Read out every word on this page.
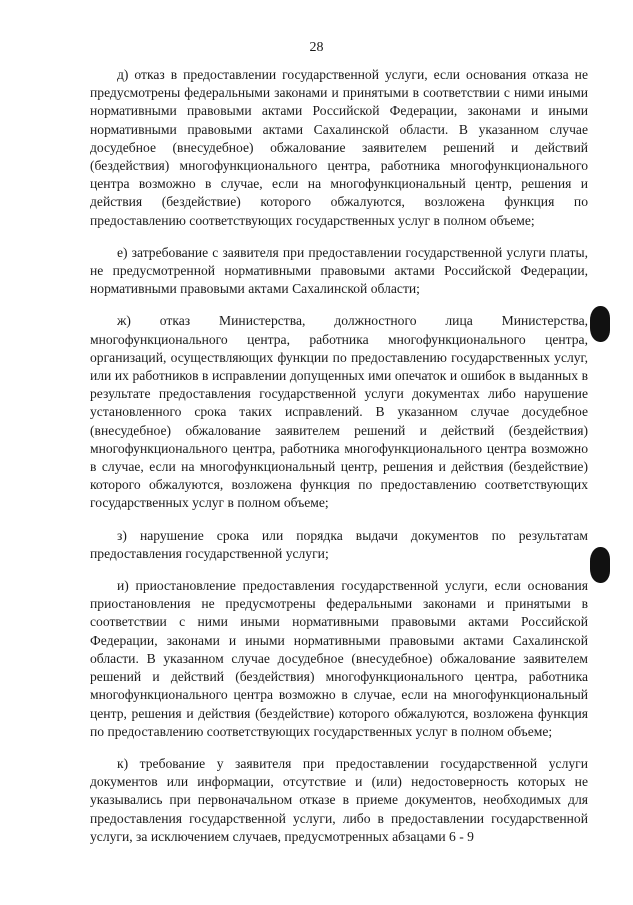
28

д) отказ в предоставлении государственной услуги, если основания отказа не предусмотрены федеральными законами и принятыми в соответствии с ними иными нормативными правовыми актами Российской Федерации, законами и иными нормативными правовыми актами Сахалинской области. В указанном случае досудебное (внесудебное) обжалование заявителем решений и действий (бездействия) многофункционального центра, работника многофункционального центра возможно в случае, если на многофункциональный центр, решения и действия (бездействие) которого обжалуются, возложена функция по предоставлению соответствующих государственных услуг в полном объеме;

е) затребование с заявителя при предоставлении государственной услуги платы, не предусмотренной нормативными правовыми актами Российской Федерации, нормативными правовыми актами Сахалинской области;

ж) отказ Министерства, должностного лица Министерства, многофункционального центра, работника многофункционального центра, организаций, осуществляющих функции по предоставлению государственных услуг, или их работников в исправлении допущенных ими опечаток и ошибок в выданных в результате предоставления государственной услуги документах либо нарушение установленного срока таких исправлений. В указанном случае досудебное (внесудебное) обжалование заявителем решений и действий (бездействия) многофункционального центра, работника многофункционального центра возможно в случае, если на многофункциональный центр, решения и действия (бездействие) которого обжалуются, возложена функция по предоставлению соответствующих государственных услуг в полном объеме;

з) нарушение срока или порядка выдачи документов по результатам предоставления государственной услуги;

и) приостановление предоставления государственной услуги, если основания приостановления не предусмотрены федеральными законами и принятыми в соответствии с ними иными нормативными правовыми актами Российской Федерации, законами и иными нормативными правовыми актами Сахалинской области. В указанном случае досудебное (внесудебное) обжалование заявителем решений и действий (бездействия) многофункционального центра, работника многофункционального центра возможно в случае, если на многофункциональный центр, решения и действия (бездействие) которого обжалуются, возложена функция по предоставлению соответствующих государственных услуг в полном объеме;

к) требование у заявителя при предоставлении государственной услуги документов или информации, отсутствие и (или) недостоверность которых не указывались при первоначальном отказе в приеме документов, необходимых для предоставления государственной услуги, либо в предоставлении государственной услуги, за исключением случаев, предусмотренных абзацами 6 - 9
